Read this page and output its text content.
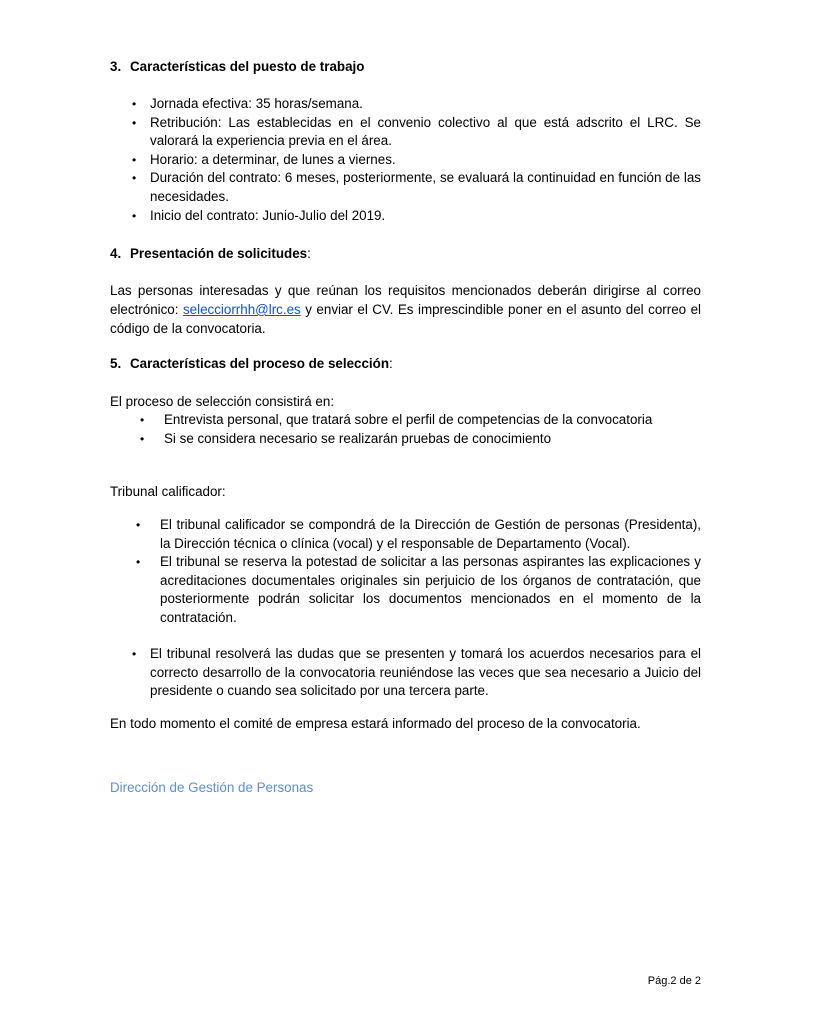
3. Características del puesto de trabajo
• Jornada efectiva: 35 horas/semana.
• Retribución: Las establecidas en el convenio colectivo al que está adscrito el LRC. Se valorará la experiencia previa en el área.
• Horario: a determinar, de lunes a viernes.
• Duración del contrato: 6 meses, posteriormente, se evaluará la continuidad en función de las necesidades.
• Inicio del contrato: Junio-Julio del 2019.
4. Presentación de solicitudes:
Las personas interesadas y que reúnan los requisitos mencionados deberán dirigirse al correo electrónico: selecciorrhh@lrc.es y enviar el CV. Es imprescindible poner en el asunto del correo el código de la convocatoria.
5. Características del proceso de selección:
El proceso de selección consistirá en:
• Entrevista personal, que tratará sobre el perfil de competencias de la convocatoria
• Si se considera necesario se realizarán pruebas de conocimiento
Tribunal calificador:
• El tribunal calificador se compondrá de la Dirección de Gestión de personas (Presidenta), la Dirección técnica o clínica (vocal) y el responsable de Departamento (Vocal).
• El tribunal se reserva la potestad de solicitar a las personas aspirantes las explicaciones y acreditaciones documentales originales sin perjuicio de los órganos de contratación, que posteriormente podrán solicitar los documentos mencionados en el momento de la contratación.
• El tribunal resolverá las dudas que se presenten y tomará los acuerdos necesarios para el correcto desarrollo de la convocatoria reuniéndose las veces que sea necesario a Juicio del presidente o cuando sea solicitado por una tercera parte.
En todo momento el comité de empresa estará informado del proceso de la convocatoria.
Dirección de Gestión de Personas
Pág.2 de 2
